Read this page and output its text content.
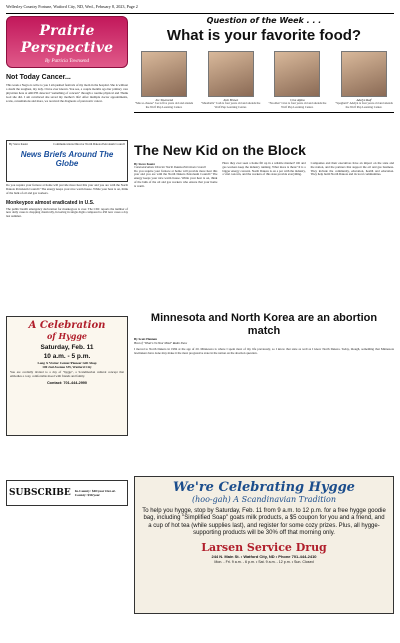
Wellesley Country Fortune, Watford City, ND, Wed., February 8, 2023, Page 2
Prairie Perspective
By Patricia Townsend
Not Today Cancer...
This week a Negro is write to you I am pushed festivals of my mom in the hospital. She is without a doubt the toughest, my lady. I have ever known. You see, a couple months ago her primary care physician here at ARCHS detected "something of concern" through a routine physical and Thank God she did. I am convinced she saved my mother's life! After multiple doctor appointments, scans, consultations and more, we received the diagnosis of pancreatic cancer.
Question of the Week . . .
What is your favorite food?
Joe Townsend
"Mac-n-cheese" Joe is five years old and attends the Wolf Pup Learning Center.
Josh Brown
"Meatballs" Josh is four years old and attends the Wolf Pup Learning Center.
Cruz Alpha
"Noodles" Cruz is four years old and attends the Wolf Pup Learning Center.
Adelyn Ralf
"Spaghetti" Adelyn is four years old and attends the Wolf Pup Learning Center.
By Steve Kautz	Communications Director North Dakota Petroleum Council
News Briefs Around The Globe
Do you require your furnace at home will provide more heat this year and you are with the North Dakota Petroleum Council? The energy keeps your nice warm house. While your heat is on, think of the bulk of oil and gas workers.
Monkeypox almost eradicated in U.S.
The public health emergency declaration for monkeypox is over. The CDC reports the number of new daily cases is dropping drastically, hovering in single digits compared to 450 new cases a day last summer.
The New Kid on the Block
By Steve Kautz
Communications Director North Dakota Petroleum Council
Do you require your furnace at home will provide more heat this year and you are with the North Dakota Petroleum Council? The energy keeps your nice warm house. While your heat is on, think of the bulk of the oil and gas workers who ensure that your home is warm.
Have they ever seen a home fill up in a reliable manner? Oil and gas workers keep the industry running. What more is there? It is a bigger energy concern. North Dakota is on a par with the industry, a vital concern, and the workers of this state provide everything.
Companies and their executives have an impact on the state and the nation, and the partners that support the oil and gas business. They include the community, education, health and education. They help build North Dakota and its local communities.
A Celebration
of Hygge
Saturday, Feb. 11
10 a.m. - 5 p.m.
Long X Visitor Center/Pioneer Gift Shop
100 2nd Avenue SW, Watford City
You are cordially invited to a day of "hygge", a Scandinavian cultural concept that embodies a cozy, comfortable mood with friends and family.
Contact: 701-444-2990
Minnesota and North Korea are an abortion match
By Scott Hennen
Host of "What's On Your Mind" Radio Show
I moved to North Dakota in 1984 at the age of 20. Minnesota is where I spent most of my life previously, so I know that state as well as I know North Dakota. Today, though, something that Minnesota lawmakers have done may make it the most progressive state in the nation on the abortion question.
SUBSCRIBE In-County: $40/year Out-of-County: $50/year	We're Celebrating Hygge
(hoo-gah) A Scandinavian Tradition
To help you hygge, stop by Saturday, Feb. 11 from 9 a.m. to 12 p.m. for a free hygge goodie bag, including "Simplified Soap" goats milk products, a $5 coupon for you and a friend, and a cup of hot tea (while supplies last), and register for some cozy prizes. Plus, all hygge-supporting products will be 30% off that morning only.
Larsen Service Drug
244 N. Main St. • Watford City, ND • Phone 701-444-2410
Mon. - Fri. 9 a.m. - 6 p.m. • Sat. 9 a.m. - 12 p.m. • Sun. Closed
